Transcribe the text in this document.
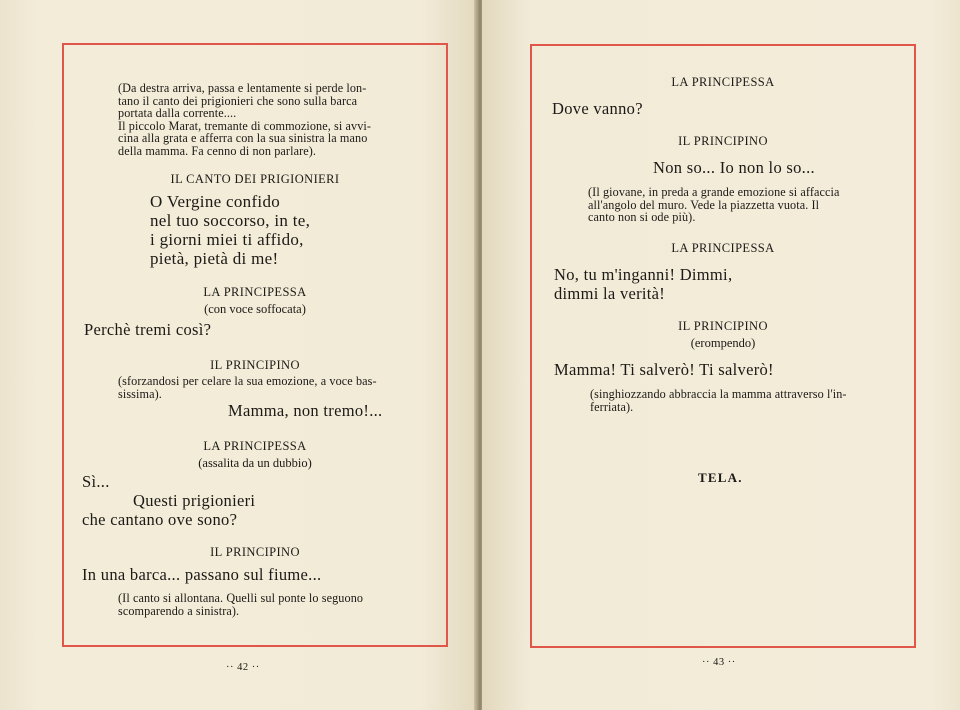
(Da destra arriva, passa e lentamente si perde lon-
tano il canto dei prigionieri che sono sulla barca
portata dalla corrente....
Il piccolo Marat, tremante di commozione, si avvi-
cina alla grata e afferra con la sua sinistra la mano
della mamma. Fa cenno di non parlare).
IL CANTO DEI PRIGIONIERI
O Vergine confido
nel tuo soccorso, in te,
i giorni miei ti affido,
pietà, pietà di me!
LA PRINCIPESSA
(con voce soffocata)
Perchè tremi così?
IL PRINCIPINO
(sforzandosi per celare la sua emozione, a voce bas-
sissima).
Mamma, non tremo!...
LA PRINCIPESSA
(assalita da un dubbio)
Sì...
Questi prigionieri
che cantano ove sono?
IL PRINCIPINO
In una barca... passano sul fiume...
(Il canto si allontana. Quelli sul ponte lo seguono
scomparendo a sinistra).
·· 42 ··
LA PRINCIPESSA
Dove vanno?
IL PRINCIPINO
Non so... Io non lo so...
(Il giovane, in preda a grande emozione si affaccia
all'angolo del muro. Vede la piazzetta vuota. Il
canto non si ode più).
LA PRINCIPESSA
No, tu m'inganni! Dimmi,
dimmi la verità!
IL PRINCIPINO
(erompendo)
Mamma! Ti salverò! Ti salverò!
(singhiozzando abbraccia la mamma attraverso l'in-
ferriata).
TELA.
·· 43 ··
